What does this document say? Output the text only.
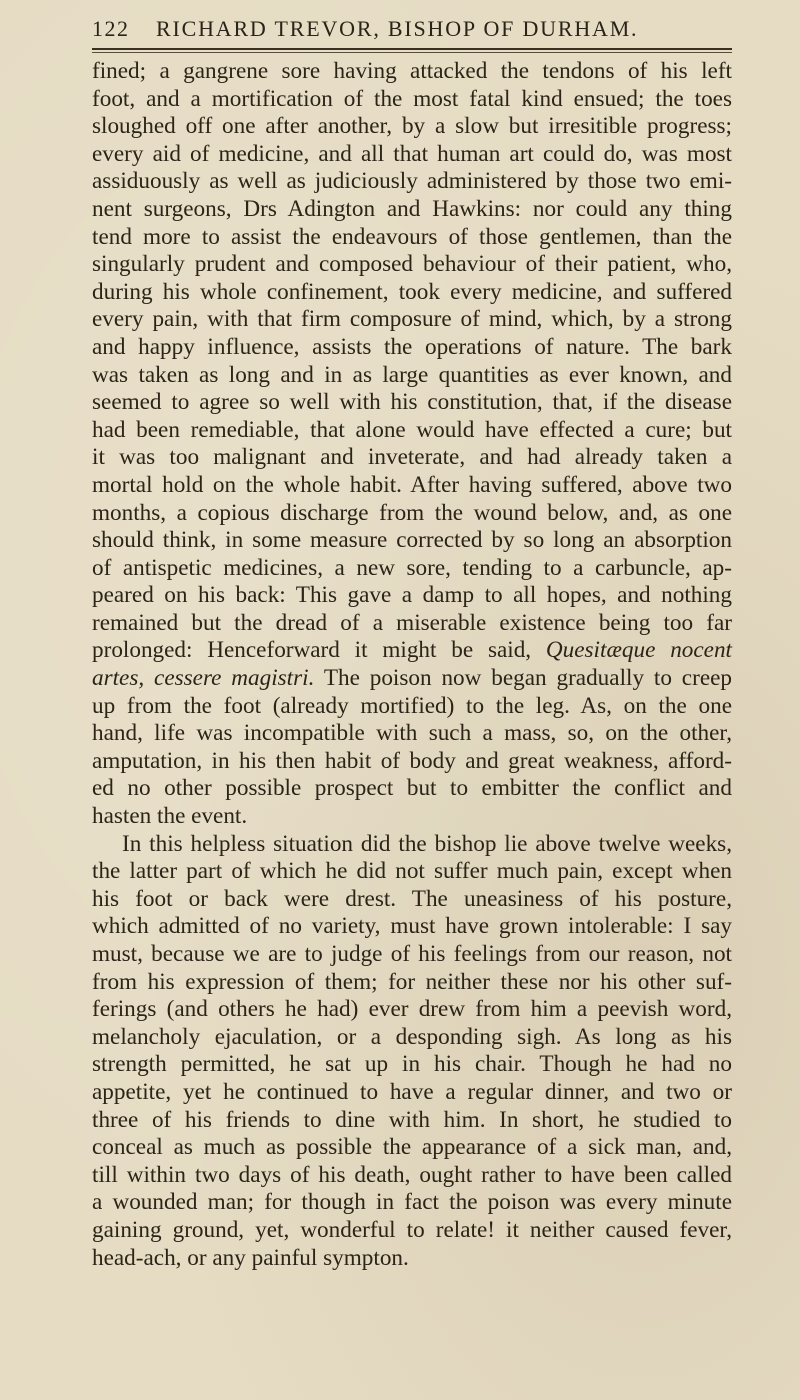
122	RICHARD TREVOR, BISHOP OF DURHAM.
fined; a gangrene sore having attacked the tendons of his left
foot, and a mortification of the most fatal kind ensued; the toes
sloughed off one after another, by a slow but irresitible progress;
every aid of medicine, and all that human art could do, was most
assiduously as well as judiciously administered by those two emi-
nent surgeons, Drs Adington and Hawkins: nor could any thing
tend more to assist the endeavours of those gentlemen, than the
singularly prudent and composed behaviour of their patient, who,
during his whole confinement, took every medicine, and suffered
every pain, with that firm composure of mind, which, by a strong
and happy influence, assists the operations of nature. The bark
was taken as long and in as large quantities as ever known, and
seemed to agree so well with his constitution, that, if the disease
had been remediable, that alone would have effected a cure; but
it was too malignant and inveterate, and had already taken a
mortal hold on the whole habit. After having suffered, above two
months, a copious discharge from the wound below, and, as one
should think, in some measure corrected by so long an absorption
of antispetic medicines, a new sore, tending to a carbuncle, ap-
peared on his back: This gave a damp to all hopes, and nothing
remained but the dread of a miserable existence being too far
prolonged: Henceforward it might be said, Quesitæque nocent
artes, cessere magistri. The poison now began gradually to creep
up from the foot (already mortified) to the leg. As, on the one
hand, life was incompatible with such a mass, so, on the other,
amputation, in his then habit of body and great weakness, afford-
ed no other possible prospect but to embitter the conflict and
hasten the event.
In this helpless situation did the bishop lie above twelve weeks,
the latter part of which he did not suffer much pain, except when
his foot or back were drest. The uneasiness of his posture,
which admitted of no variety, must have grown intolerable: I say
must, because we are to judge of his feelings from our reason, not
from his expression of them; for neither these nor his other suf-
ferings (and others he had) ever drew from him a peevish word,
melancholy ejaculation, or a desponding sigh. As long as his
strength permitted, he sat up in his chair. Though he had no
appetite, yet he continued to have a regular dinner, and two or
three of his friends to dine with him. In short, he studied to
conceal as much as possible the appearance of a sick man, and,
till within two days of his death, ought rather to have been called
a wounded man; for though in fact the poison was every minute
gaining ground, yet, wonderful to relate! it neither caused fever,
head-ach, or any painful sympton.
